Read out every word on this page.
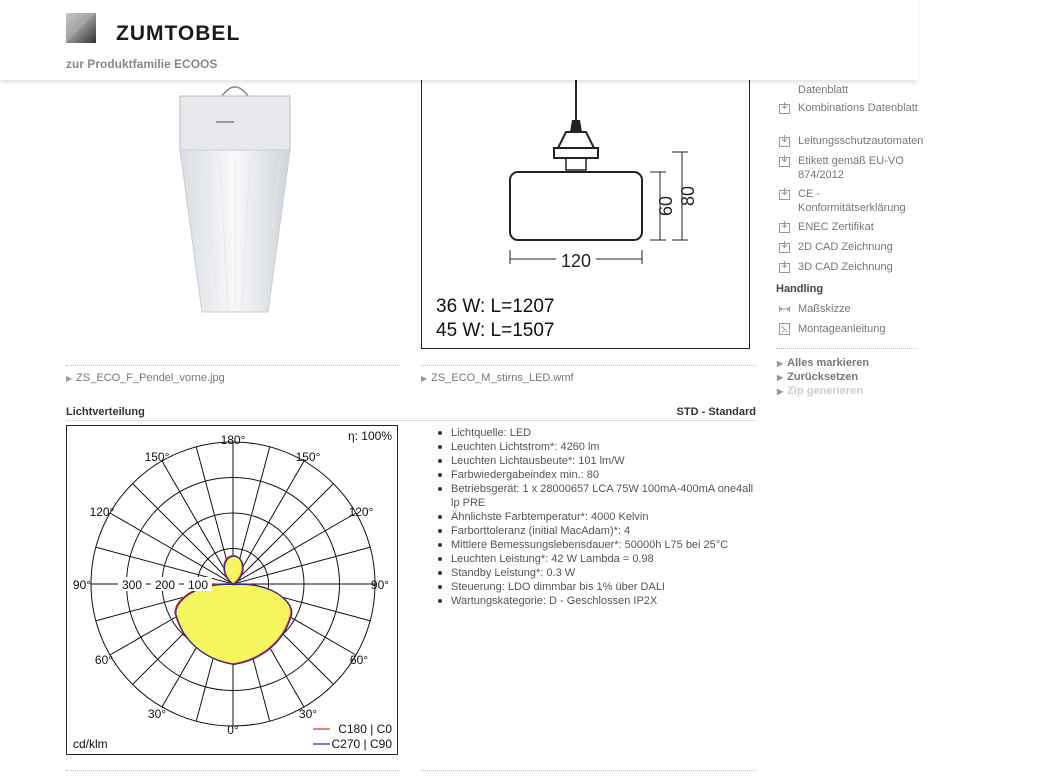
ZUMTOBEL
zur Produktfamilie ECOOS
120
60 80
36 W: L=1207
45 W: L=1507
▶ ZS_ECO_F_Pendel_vorne.jpg	▶ ZS_ECO_M_stirns_LED.wmf
Datenblatt
Kombinations Datenblatt
Leitungsschutzautomaten
Etikett gemäß EU-VO 874/2012
CE - Konformitätserklärung
ENEC Zertifikat
2D CAD Zeichnung
3D CAD Zeichnung
Maßskizze
Montageanleitung
Handling
▶ Alles markieren
▶ Zurücksetzen
▶ Zip generieren
Lichtverteilung	STD - Standard
180°
150°	150°
120°	120°
90°	90°
60°	60°
30°	30°
0°
300 200 100
η: 100%
cd/klm
C180 | C0
C270 | C90
Lichtquelle: LED
Leuchten Lichtstrom*: 4260 lm
Leuchten Lichtausbeute*: 101 lm/W
Farbwiedergabeindex min.: 80
Betriebsgerät: 1 x 28000657 LCA 75W 100mA-400mA one4all lp PRE
Ähnlichste Farbtemperatur*: 4000 Kelvin
Farborttoleranz (initial MacAdam)*: 4
Mittlere Bemessungslebensdauer*: 50000h L75 bei 25°C
Leuchten Leistung*: 42 W Lambda = 0.98
Standby Leistung*: 0.3 W
Steuerung: LDO dimmbar bis 1% über DALI
Wartungskategorie: D - Geschlossen IP2X
